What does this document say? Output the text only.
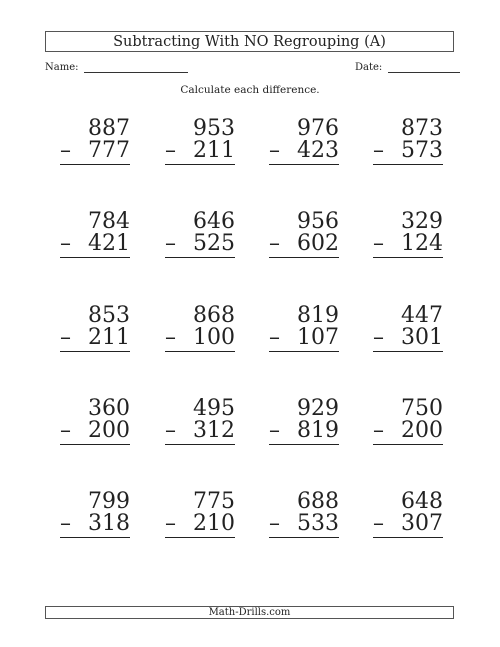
Subtracting With NO Regrouping (A)
Name:	Date:
Calculate each difference.
887
– 777
953
– 211
976
– 423
873
– 573
784
– 421
646
– 525
956
– 602
329
– 124
853
– 211
868
– 100
819
– 107
447
– 301
360
– 200
495
– 312
929
– 819
750
– 200
799
– 318
775
– 210
688
– 533
648
– 307
Math-Drills.com
